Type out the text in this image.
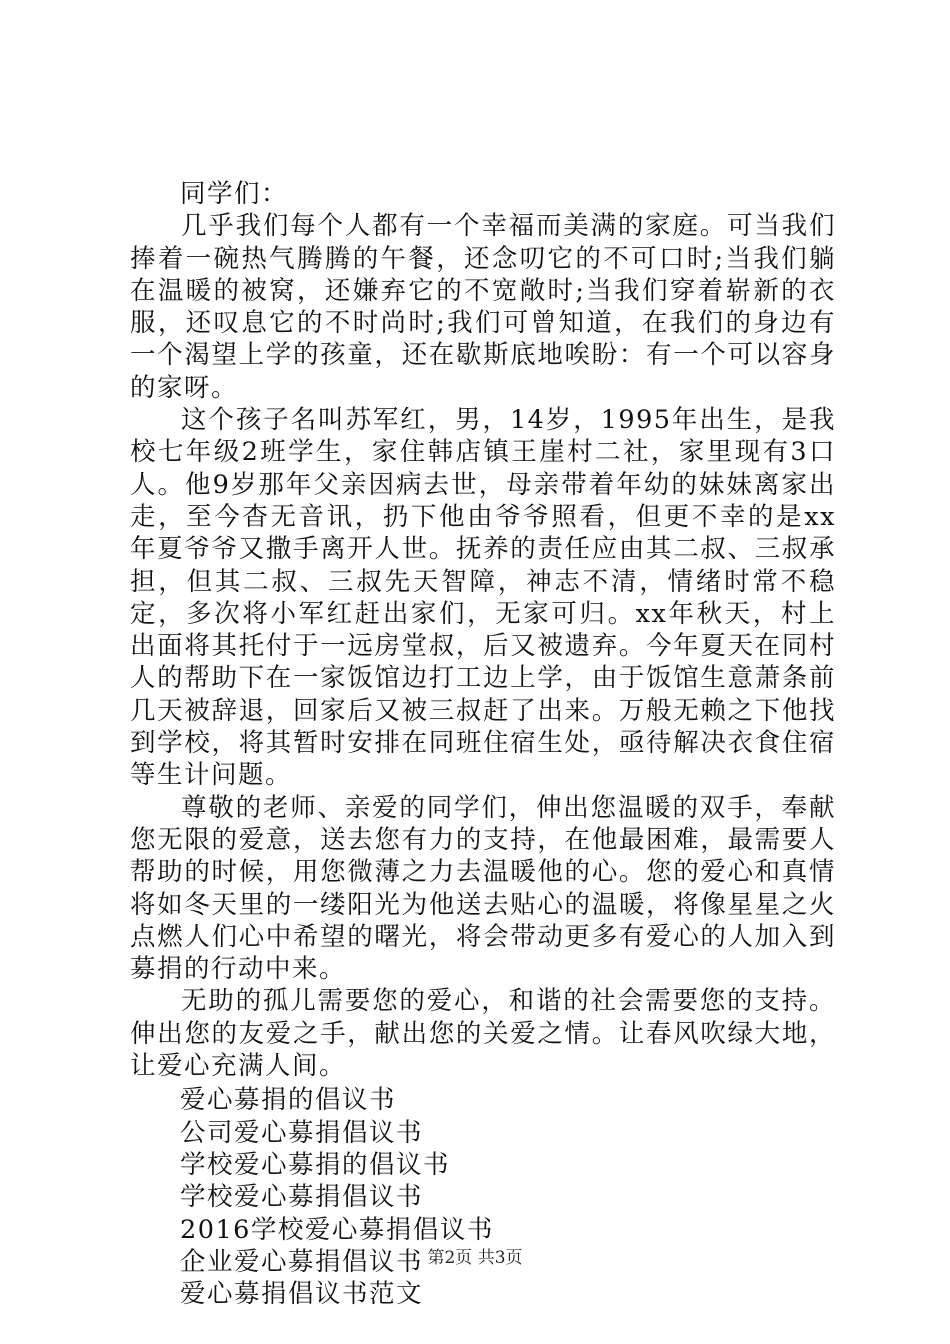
同学们：

几乎我们每个人都有一个幸福而美满的家庭。可当我们捧着一碗热气腾腾的午餐，还念叨它的不可口时;当我们躺在温暖的被窝，还嫌弃它的不宽敞时;当我们穿着崭新的衣服，还叹息它的不时尚时;我们可曾知道，在我们的身边有一个渴望上学的孩童，还在歇斯底地唉盼：有一个可以容身的家呀。

这个孩子名叫苏军红，男，14岁，1995年出生，是我校七年级2班学生，家住韩店镇王崖村二社，家里现有3口人。他9岁那年父亲因病去世，母亲带着年幼的妹妹离家出走，至今杳无音讯，扔下他由爷爷照看，但更不幸的是xx年夏爷爷又撒手离开人世。抚养的责任应由其二叔、三叔承担，但其二叔、三叔先天智障，神志不清，情绪时常不稳定，多次将小军红赶出家们，无家可归。xx年秋天，村上出面将其托付于一远房堂叔，后又被遗弃。今年夏天在同村人的帮助下在一家饭馆边打工边上学，由于饭馆生意萧条前几天被辞退，回家后又被三叔赶了出来。万般无赖之下他找到学校，将其暂时安排在同班住宿生处，亟待解决衣食住宿等生计问题。

尊敬的老师、亲爱的同学们，伸出您温暖的双手，奉献您无限的爱意，送去您有力的支持，在他最困难，最需要人帮助的时候，用您微薄之力去温暖他的心。您的爱心和真情将如冬天里的一缕阳光为他送去贴心的温暖，将像星星之火点燃人们心中希望的曙光，将会带动更多有爱心的人加入到募捐的行动中来。

无助的孤儿需要您的爱心，和谐的社会需要您的支持。伸出您的友爱之手，献出您的关爱之情。让春风吹绿大地，让爱心充满人间。

爱心募捐的倡议书
公司爱心募捐倡议书
学校爱心募捐的倡议书
学校爱心募捐倡议书
2016学校爱心募捐倡议书
企业爱心募捐倡议书
爱心募捐倡议书范文
第2页 共3页
